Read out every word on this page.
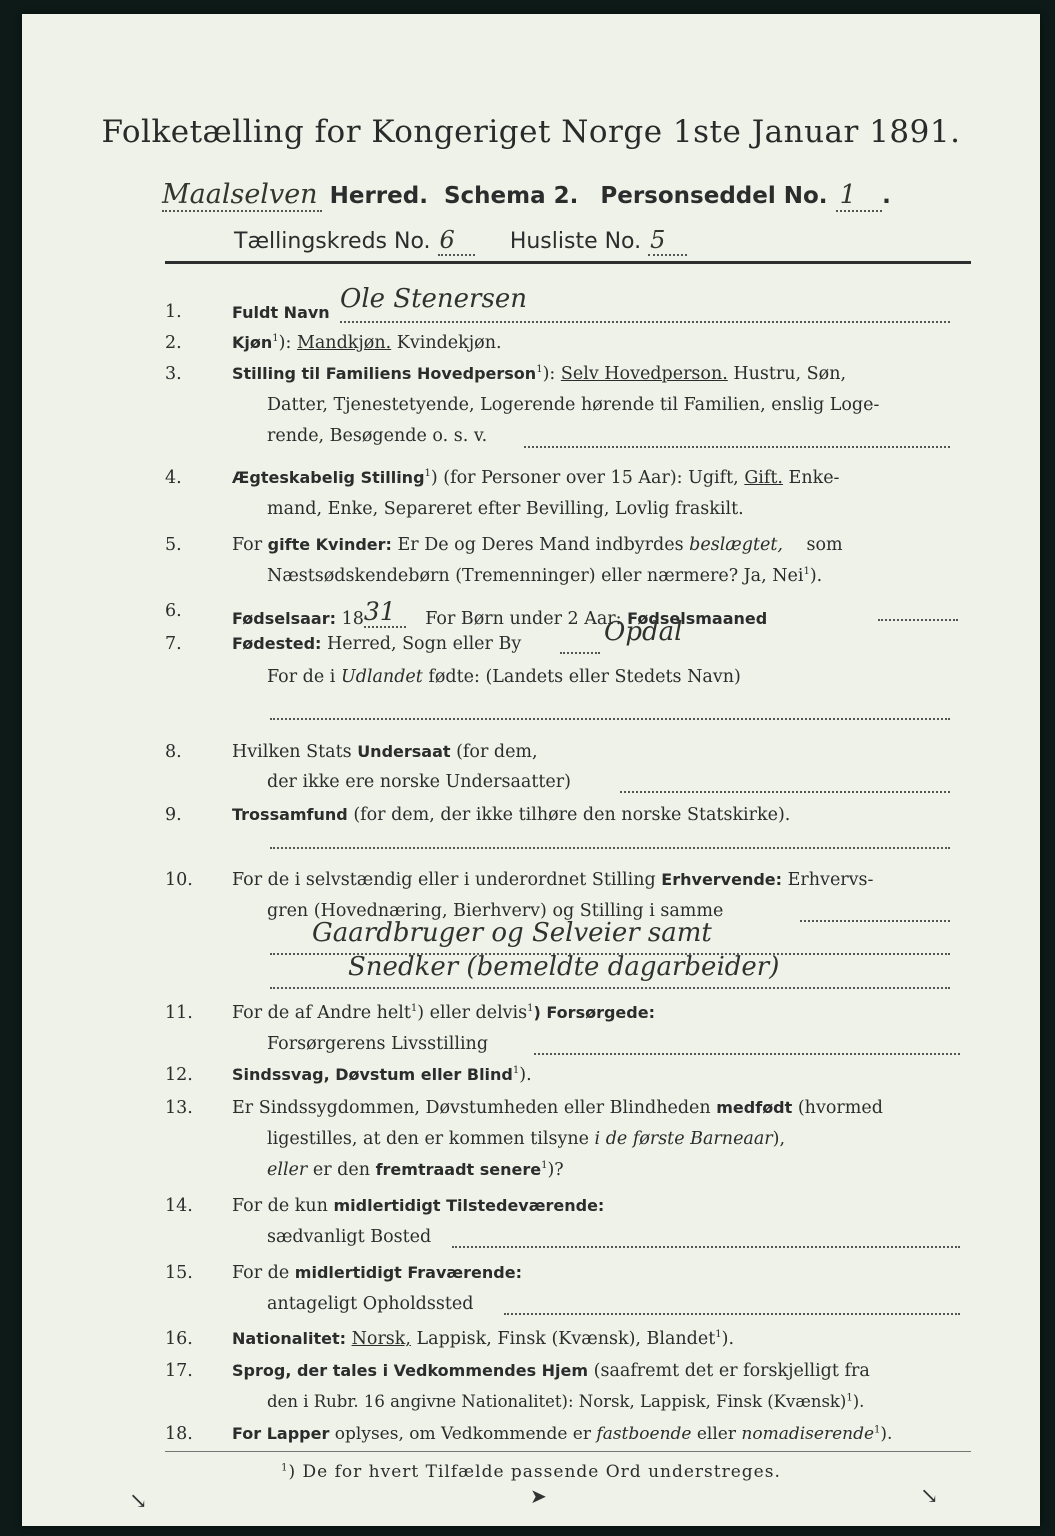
Folketælling for Kongeriget Norge 1ste Januar 1891.
Maalselven Herred. Schema 2. Personseddel No. 1 .
Tællingskreds No. 6	Husliste No. 5
1.	Fuldt Navn Ole Stenersen
2.	Kjøn$^1$): Mandkjøn. Kvindekjøn.
3.	Stilling til Familiens Hovedperson$^1$): Selv Hovedperson. Hustru, Søn,
Datter, Tjenestetyende, Logerende hørende til Familien, enslig Loge-
rende, Besøgende o. s. v.
4.	Ægteskabelig Stilling$^1$) (for Personer over 15 Aar): Ugift, Gift. Enke-
mand, Enke, Separeret efter Bevilling, Lovlig fraskilt.
5.	For gifte Kvinder: Er De og Deres Mand indbyrdes beslægtet, som
Næstsødskendebørn (Tremenninger) eller nærmere? Ja, Nei$^1$).
6.	Fødselsaar: 1831 For Børn under 2 Aar: Fødselsmaaned
7.	Fødested: Herred, Sogn eller By	Opdal
For de i Udlandet fødte: (Landets eller Stedets Navn)
8.	Hvilken Stats Undersaat (for dem,
der ikke ere norske Undersaatter)
9.	Trossamfund (for dem, der ikke tilhøre den norske Statskirke).
10. For de i selvstændig eller i underordnet Stilling Erhvervende: Erhvervs-
gren (Hovednæring, Bierhverv) og Stilling i samme
Gaardbruger og Selveier samt
Snedker (bemeldte dagarbeider)
11. For de af Andre helt$^1$) eller delvis$^1$) Forsørgede:
Forsørgerens Livsstilling
12. Sindssvag, Døvstum eller Blind$^1$).
13. Er Sindssygdommen, Døvstumheden eller Blindheden medfødt (hvormed
ligestilles, at den er kommen tilsyne i de første Barneaar),
eller er den fremtraadt senere$^1$)?
14. For de kun midlertidigt Tilstedeværende:
sædvanligt Bosted
15. For de midlertidigt Fraværende:
antageligt Opholdssted
16. Nationalitet: Norsk, Lappisk, Finsk (Kvænsk), Blandet$^1$).
17. Sprog, der tales i Vedkommendes Hjem (saafremt det er forskjelligt fra
den i Rubr. 16 angivne Nationalitet): Norsk, Lappisk, Finsk (Kvænsk)$^1$).
18. For Lapper oplyses, om Vedkommende er fastboende eller nomadiserende$^1$).
$^1$) De for hvert Tilfælde passende Ord understreges.
↘	➤	↘
